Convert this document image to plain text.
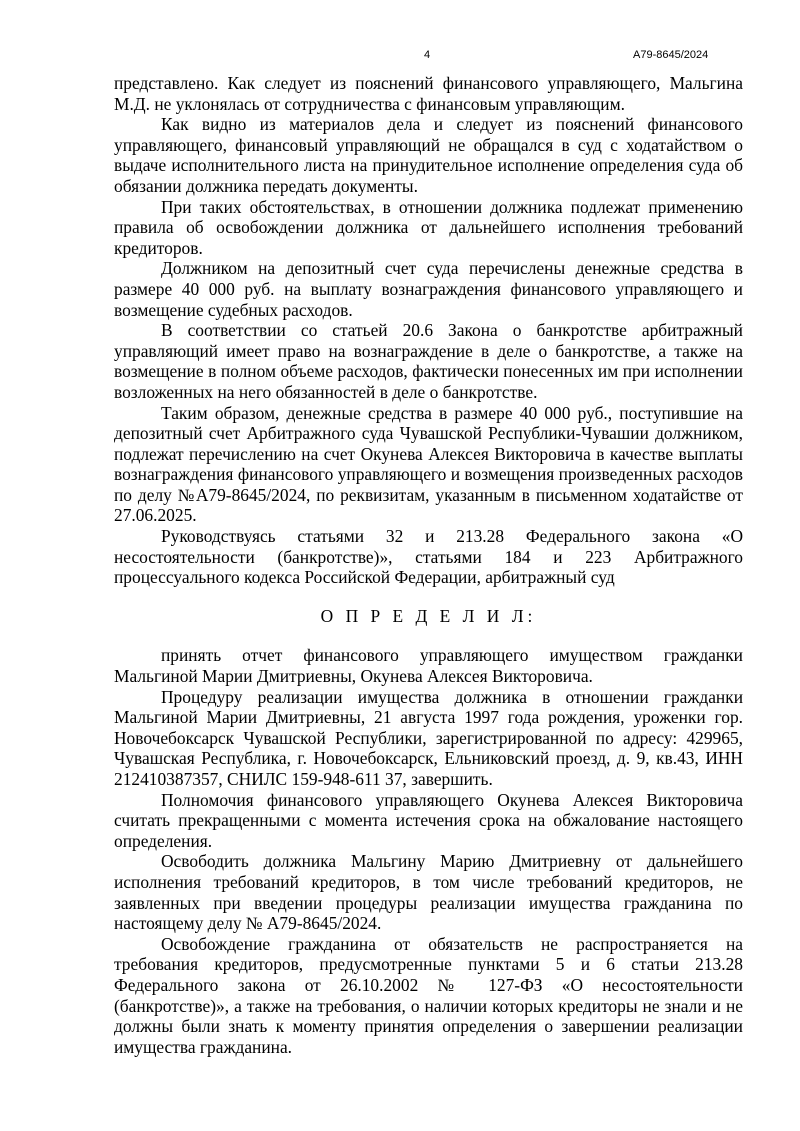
4	А79-8645/2024

представлено. Как следует из пояснений финансового управляющего, Мальгина М.Д. не уклонялась от сотрудничества с финансовым управляющим.

Как видно из материалов дела и следует из пояснений финансового управляющего, финансовый управляющий не обращался в суд с ходатайством о выдаче исполнительного листа на принудительное исполнение определения суда об обязании должника передать документы.

При таких обстоятельствах, в отношении должника подлежат применению правила об освобождении должника от дальнейшего исполнения требований кредиторов.

Должником на депозитный счет суда перечислены денежные средства в размере 40 000 руб. на выплату вознаграждения финансового управляющего и возмещение судебных расходов.

В соответствии со статьей 20.6 Закона о банкротстве арбитражный управляющий имеет право на вознаграждение в деле о банкротстве, а также на возмещение в полном объеме расходов, фактически понесенных им при исполнении возложенных на него обязанностей в деле о банкротстве.

Таким образом, денежные средства в размере 40 000 руб., поступившие на депозитный счет Арбитражного суда Чувашской Республики-Чувашии должником, подлежат перечислению на счет Окунева Алексея Викторовича в качестве выплаты вознаграждения финансового управляющего и возмещения произведенных расходов по делу №А79-8645/2024, по реквизитам, указанным в письменном ходатайстве от 27.06.2025.

Руководствуясь статьями 32 и 213.28 Федерального закона «О несостоятельности (банкротстве)», статьями 184 и 223 Арбитражного процессуального кодекса Российской Федерации, арбитражный суд

О П Р Е Д Е Л И Л:

принять отчет финансового управляющего имуществом гражданки Мальгиной Марии Дмитриевны, Окунева Алексея Викторовича.

Процедуру реализации имущества должника в отношении гражданки Мальгиной Марии Дмитриевны, 21 августа 1997 года рождения, уроженки гор. Новочебоксарск Чувашской Республики, зарегистрированной по адресу: 429965, Чувашская Республика, г. Новочебоксарск, Ельниковский проезд, д. 9, кв.43, ИНН 212410387357, СНИЛС 159-948-611 37, завершить.

Полномочия финансового управляющего Окунева Алексея Викторовича считать прекращенными с момента истечения срока на обжалование настоящего определения.

Освободить должника Мальгину Марию Дмитриевну от дальнейшего исполнения требований кредиторов, в том числе требований кредиторов, не заявленных при введении процедуры реализации имущества гражданина по настоящему делу № А79-8645/2024.

Освобождение гражданина от обязательств не распространяется на требования кредиторов, предусмотренные пунктами 5 и 6 статьи 213.28 Федерального закона от 26.10.2002 № 127-ФЗ «О несостоятельности (банкротстве)», а также на требования, о наличии которых кредиторы не знали и не должны были знать к моменту принятия определения о завершении реализации имущества гражданина.
